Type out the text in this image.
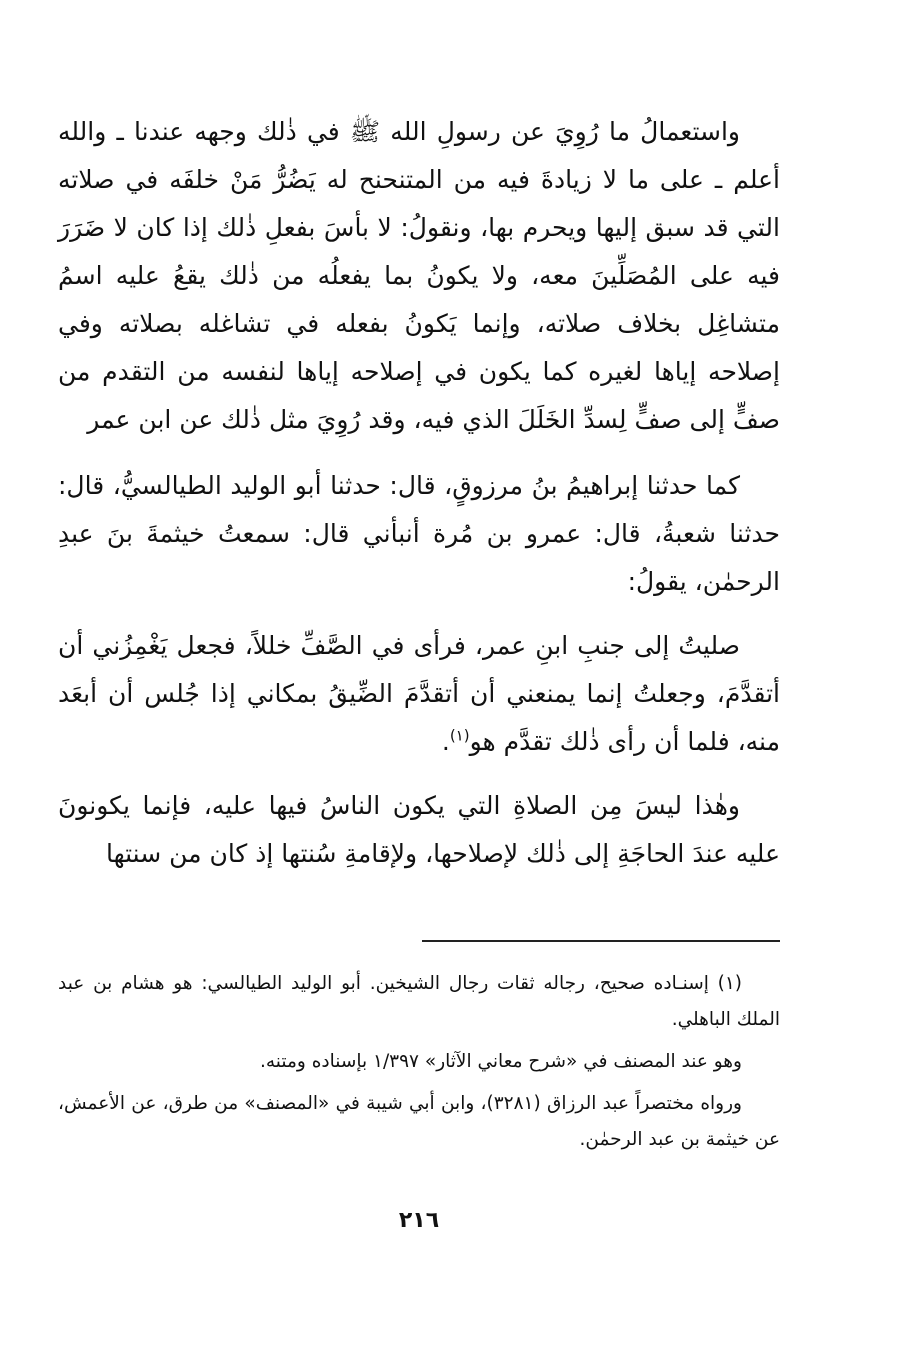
واستعمالُ ما رُوِيَ عن رسولِ الله ﷺ في ذٰلك وجهه عندنا ـ والله أعلم ـ على ما لا زيادةَ فيه من المتنحنح له يَضُرُّ مَنْ خلفَه في صلاته التي قد سبق إليها ويحرم بها، ونقولُ: لا بأسَ بفعلِ ذٰلك إذا كان لا ضَرَرَ فيه على المُصَلِّينَ معه، ولا يكونُ بما يفعلُه من ذٰلك يقعُ عليه اسمُ متشاغِل بخلاف صلاته، وإنما يَكونُ بفعله في تشاغله بصلاته وفي إصلاحه إياها لغيره كما يكون في إصلاحه إياها لنفسه من التقدم من صفٍّ إلى صفٍّ لِسدِّ الخَلَلَ الذي فيه، وقد رُوِيَ مثل ذٰلك عن ابن عمر

كما حدثنا إبراهيمُ بنُ مرزوقٍ، قال: حدثنا أبو الوليد الطيالسيُّ، قال: حدثنا شعبةُ، قال: عمرو بن مُرة أنبأني قال: سمعتُ خيثمةَ بنَ عبدِ الرحمٰن، يقولُ:

صليتُ إلى جنبِ ابنِ عمر، فرأى في الصَّفِّ خللاً، فجعل يَغْمِزُني أن أتقدَّمَ، وجعلتُ إنما يمنعني أن أتقدَّمَ الضِّيقُ بمكاني إذا جُلس أن أبعَد منه، فلما أن رأى ذٰلك تقدَّم هو$^{(١)}$.

وهٰذا ليسَ مِن الصلاةِ التي يكون الناسُ فيها عليه، فإنما يكونونَ عليه عندَ الحاجَةِ إلى ذٰلك لإصلاحها، ولإقامةِ سُنتها إذ كان من سنتها

(١) إسنـاده صحيح، رجاله ثقات رجال الشيخين. أبو الوليد الطيالسي: هو هشام بن عبد الملك الباهلي.

وهو عند المصنف في «شرح معاني الآثار» ١/٣٩٧ بإسناده ومتنه.

ورواه مختصراً عبد الرزاق (٣٢٨١)، وابن أبي شيبة في «المصنف» من طرق، عن الأعمش، عن خيثمة بن عبد الرحمٰن.

٢١٦
